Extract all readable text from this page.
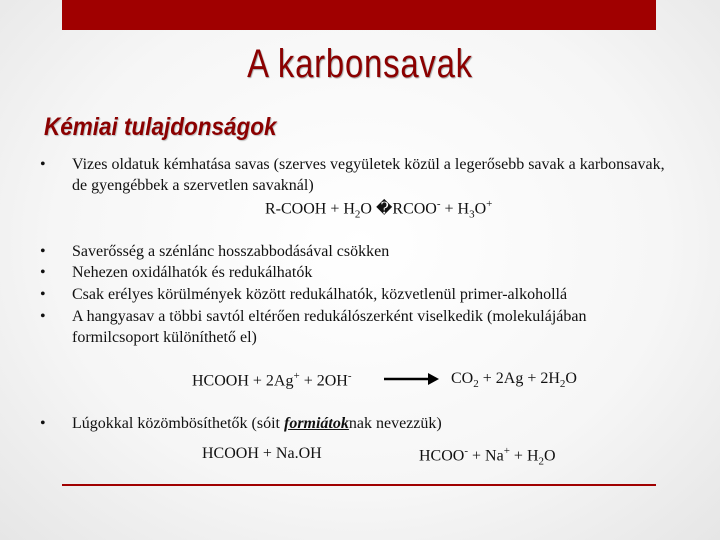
A karbonsavak
Kémiai tulajdonságok
• Vizes oldatuk kémhatása savas (szerves vegyületek közül a legerősebb savak a karbonsavak, de gyengébbek a szervetlen savaknál)
R-COOH + $H_2O$ �RCOO- + $H_3O^+$
• Saverősség a szénlánc hosszabbodásával csökken
• Nehezen oxidálhatók és redukálhatók
• Csak erélyes körülmények között redukálhatók, közvetlenül primer-alkohollá
• A hangyasav a többi savtól eltérően redukálószerként viselkedik (molekulájában formilcsoport különíthető el)
HCOOH + $2Ag^+ + 2OH^- \to CO_2 + 2Ag + 2H_2O$
• Lúgokkal közömbösíthetők (sóit formiátoknak nevezzük)
HCOOH + Na.OH	HCOO- + $Na^+ + H_2O$
